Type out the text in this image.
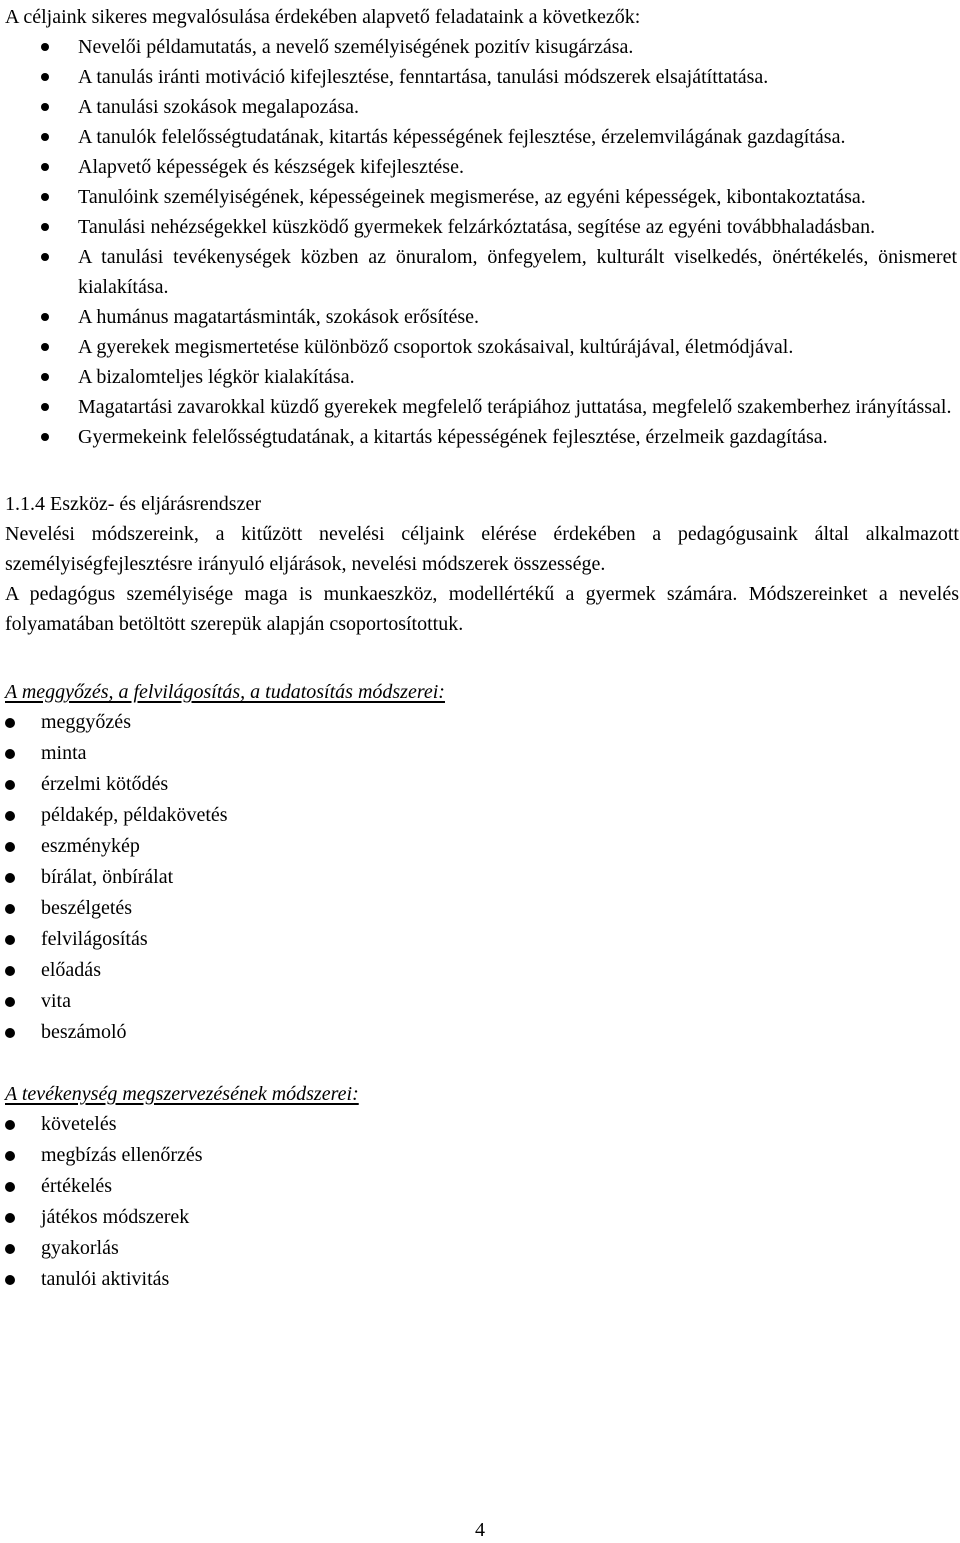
A céljaink sikeres megvalósulása érdekében alapvető feladataink a következők:

Nevelői példamutatás, a nevelő személyiségének pozitív kisugárzása.
A tanulás iránti motiváció kifejlesztése, fenntartása, tanulási módszerek elsajátíttatása.
A tanulási szokások megalapozása.
A tanulók felelősségtudatának, kitartás képességének fejlesztése, érzelemvilágának gazdagítása.
Alapvető képességek és készségek kifejlesztése.
Tanulóink személyiségének, képességeinek megismerése, az egyéni képességek, kibontakoztatása.
Tanulási nehézségekkel küszködő gyermekek felzárkóztatása, segítése az egyéni továbbhaladásban.
A tanulási tevékenységek közben az önuralom, önfegyelem, kulturált viselkedés, önértékelés, önismeret kialakítása.
A humánus magatartásminták, szokások erősítése.
A gyerekek megismertetése különböző csoportok szokásaival, kultúrájával, életmódjával.
A bizalomteljes légkör kialakítása.
Magatartási zavarokkal küzdő gyerekek megfelelő terápiához juttatása, megfelelő szakemberhez irányítással.
Gyermekeink felelősségtudatának, a kitartás képességének fejlesztése, érzelmeik gazdagítása.

1.1.4 Eszköz- és eljárásrendszer

Nevelési módszereink, a kitűzött nevelési céljaink elérése érdekében a pedagógusaink által alkalmazott személyiségfejlesztésre irányuló eljárások, nevelési módszerek összessége.

A pedagógus személyisége maga is munkaeszköz, modellértékű a gyermek számára. Módszereinket a nevelés folyamatában betöltött szerepük alapján csoportosítottuk.

A meggyőzés, a felvilágosítás, a tudatosítás módszerei:

meggyőzés
minta
érzelmi kötődés
példakép, példakövetés
eszménykép
bírálat, önbírálat
beszélgetés
felvilágosítás
előadás
vita
beszámoló

A tevékenység megszervezésének módszerei:

követelés
megbízás ellenőrzés
értékelés
játékos módszerek
gyakorlás
tanulói aktivitás
4
